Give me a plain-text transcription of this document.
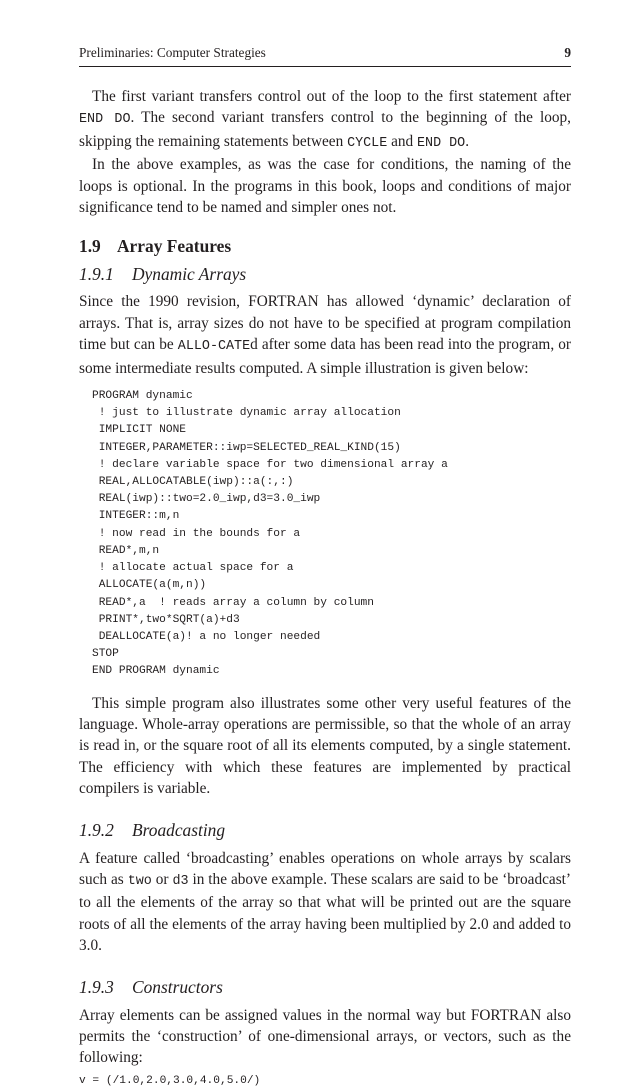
Preliminaries: Computer Strategies	9

The first variant transfers control out of the loop to the first statement after END DO. The second variant transfers control to the beginning of the loop, skipping the remaining statements between CYCLE and END DO.

In the above examples, as was the case for conditions, the naming of the loops is optional. In the programs in this book, loops and conditions of major significance tend to be named and simpler ones not.

1.9 Array Features
1.9.1 Dynamic Arrays

Since the 1990 revision, FORTRAN has allowed ‘dynamic’ declaration of arrays. That is, array sizes do not have to be specified at program compilation time but can be ALLO-CATEd after some data has been read into the program, or some intermediate results computed. A simple illustration is given below:

PROGRAM dynamic
! just to illustrate dynamic array allocation
IMPLICIT NONE
INTEGER,PARAMETER::iwp=SELECTED_REAL_KIND(15)
! declare variable space for two dimensional array a
REAL,ALLOCATABLE(iwp)::a(:,:)
REAL(iwp)::two=2.0_iwp,d3=3.0_iwp
INTEGER::m,n
! now read in the bounds for a
READ*,m,n
! allocate actual space for a
ALLOCATE(a(m,n))
READ*,a  ! reads array a column by column
PRINT*,two*SQRT(a)+d3
DEALLOCATE(a)! a no longer needed
STOP
END PROGRAM dynamic

This simple program also illustrates some other very useful features of the language. Whole-array operations are permissible, so that the whole of an array is read in, or the square root of all its elements computed, by a single statement. The efficiency with which these features are implemented by practical compilers is variable.

1.9.2 Broadcasting

A feature called ‘broadcasting’ enables operations on whole arrays by scalars such as two or d3 in the above example. These scalars are said to be ‘broadcast’ to all the elements of the array so that what will be printed out are the square roots of all the elements of the array having been multiplied by 2.0 and added to 3.0.

1.9.3 Constructors

Array elements can be assigned values in the normal way but FORTRAN also permits the ‘construction’ of one-dimensional arrays, or vectors, such as the following:

v = (/1.0,2.0,3.0,4.0,5.0/)
